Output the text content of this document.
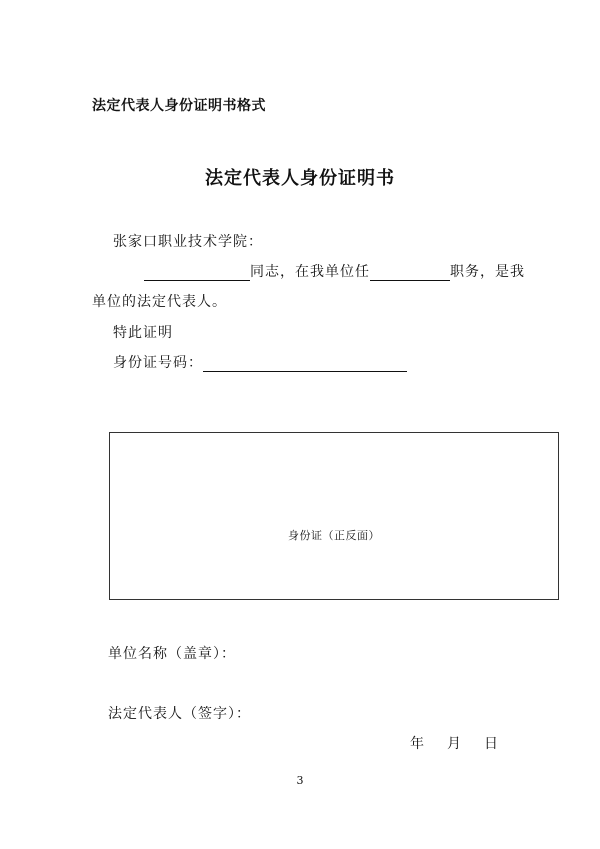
法定代表人身份证明书格式
法定代表人身份证明书
张家口职业技术学院：
同志，在我单位任	职务，是我
单位的法定代表人。
特此证明
身份证号码：
身份证（正反面）
单位名称（盖章）：
法定代表人（签字）：
年 月 日
3
